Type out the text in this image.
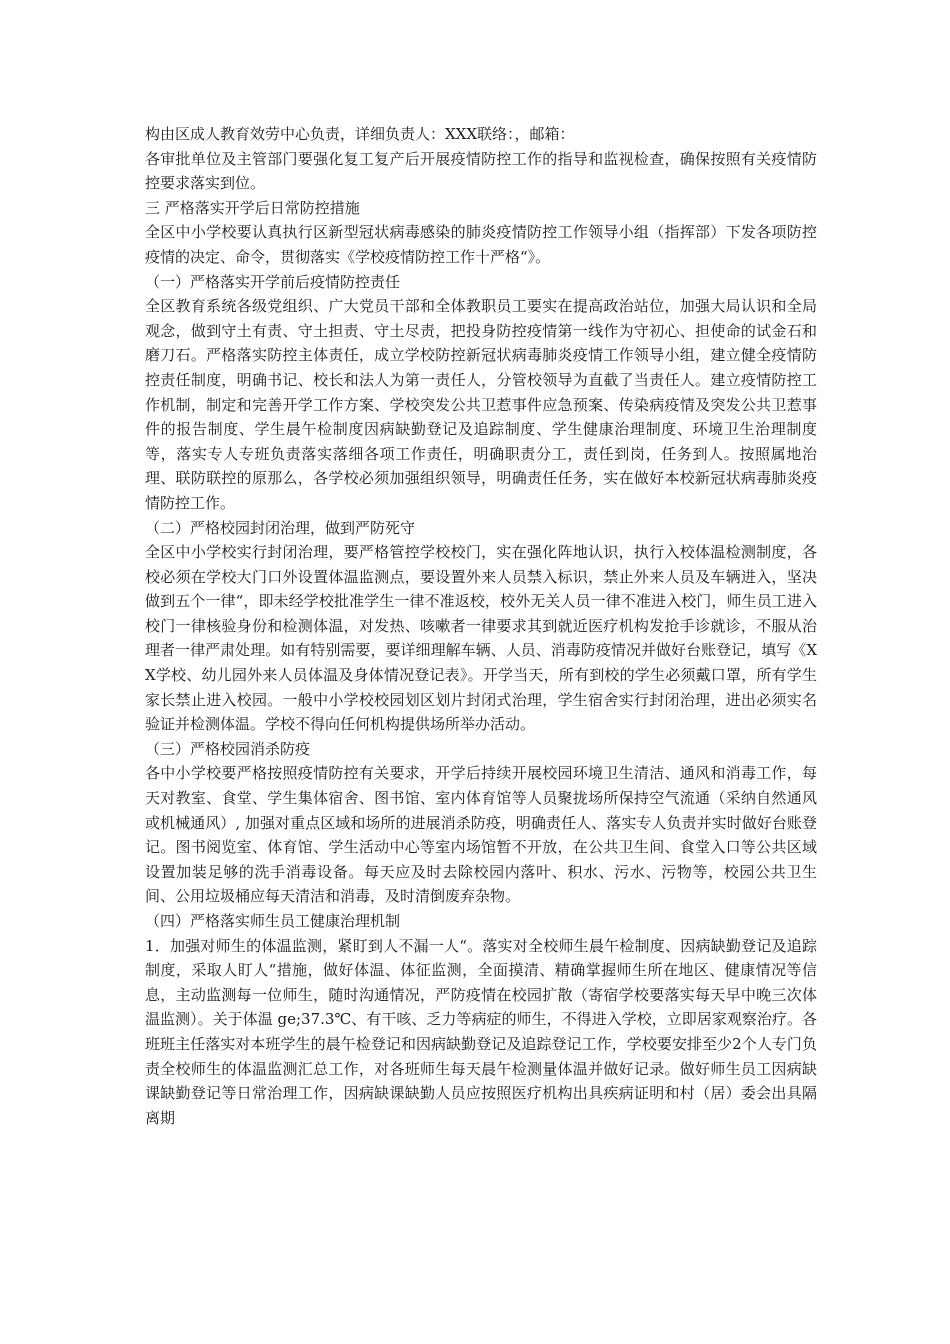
构由区成人教育效劳中心负责，详细负责人：XXX联络：，邮箱：

各审批单位及主管部门要强化复工复产后开展疫情防控工作的指导和监视检查，确保按照有关疫情防控要求落实到位。

三 严格落实开学后日常防控措施

全区中小学校要认真执行区新型冠状病毒感染的肺炎疫情防控工作领导小组（指挥部）下发各项防控疫情的决定、命令，贯彻落实《学校疫情防控工作十严格“》。

（一）严格落实开学前后疫情防控责任

全区教育系统各级党组织、广大党员干部和全体教职员工要实在提高政治站位，加强大局认识和全局观念，做到守土有责、守土担责、守土尽责，把投身防控疫情第一线作为守初心、担使命的试金石和磨刀石。严格落实防控主体责任，成立学校防控新冠状病毒肺炎疫情工作领导小组，建立健全疫情防控责任制度，明确书记、校长和法人为第一责任人，分管校领导为直截了当责任人。建立疫情防控工作机制，制定和完善开学工作方案、学校突发公共卫惹事件应急预案、传染病疫情及突发公共卫惹事件的报告制度、学生晨午检制度因病缺勤登记及追踪制度、学生健康治理制度、环境卫生治理制度等，落实专人专班负责落实落细各项工作责任，明确职责分工，责任到岗，任务到人。按照属地治理、联防联控的原那么，各学校必须加强组织领导，明确责任任务，实在做好本校新冠状病毒肺炎疫情防控工作。

（二）严格校园封闭治理，做到严防死守

全区中小学校实行封闭治理，要严格管控学校校门，实在强化阵地认识，执行入校体温检测制度，各校必须在学校大门口外设置体温监测点，要设置外来人员禁入标识，禁止外来人员及车辆进入，坚决做到五个一律“，即未经学校批准学生一律不准返校，校外无关人员一律不准进入校门，师生员工进入校门一律核验身份和检测体温，对发热、咳嗽者一律要求其到就近医疗机构发抢手诊就诊，不服从治理者一律严肃处理。如有特别需要，要详细理解车辆、人员、消毒防疫情况并做好台账登记，填写《XX学校、幼儿园外来人员体温及身体情况登记表》。开学当天，所有到校的学生必须戴口罩，所有学生家长禁止进入校园。一般中小学校校园划区划片封闭式治理，学生宿舍实行封闭治理，进出必须实名验证并检测体温。学校不得向任何机构提供场所举办活动。

（三）严格校园消杀防疫

各中小学校要严格按照疫情防控有关要求，开学后持续开展校园环境卫生清洁、通风和消毒工作，每天对教室、食堂、学生集体宿舍、图书馆、室内体育馆等人员聚拢场所保持空气流通（采纳自然通风或机械通风）, 加强对重点区域和场所的进展消杀防疫，明确责任人、落实专人负责并实时做好台账登记。图书阅览室、体育馆、学生活动中心等室内场馆暂不开放，在公共卫生间、食堂入口等公共区域设置加装足够的洗手消毒设备。每天应及时去除校园内落叶、积水、污水、污物等，校园公共卫生间、公用垃圾桶应每天清洁和消毒，及时清倒废弃杂物。

（四）严格落实师生员工健康治理机制

1．加强对师生的体温监测，紧盯到人不漏一人“。落实对全校师生晨午检制度、因病缺勤登记及追踪制度，采取人盯人“措施，做好体温、体征监测，全面摸清、精确掌握师生所在地区、健康情况等信息，主动监测每一位师生，随时沟通情况，严防疫情在校园扩散（寄宿学校要落实每天早中晚三次体温监测）。关于体温 ge;37.3℃、有干咳、乏力等病症的师生，不得进入学校，立即居家观察治疗。各班班主任落实对本班学生的晨午检登记和因病缺勤登记及追踪登记工作，学校要安排至少2个人专门负责全校师生的体温监测汇总工作，对各班师生每天晨午检测量体温并做好记录。做好师生员工因病缺课缺勤登记等日常治理工作，因病缺课缺勤人员应按照医疗机构出具疾病证明和村（居）委会出具隔离期
